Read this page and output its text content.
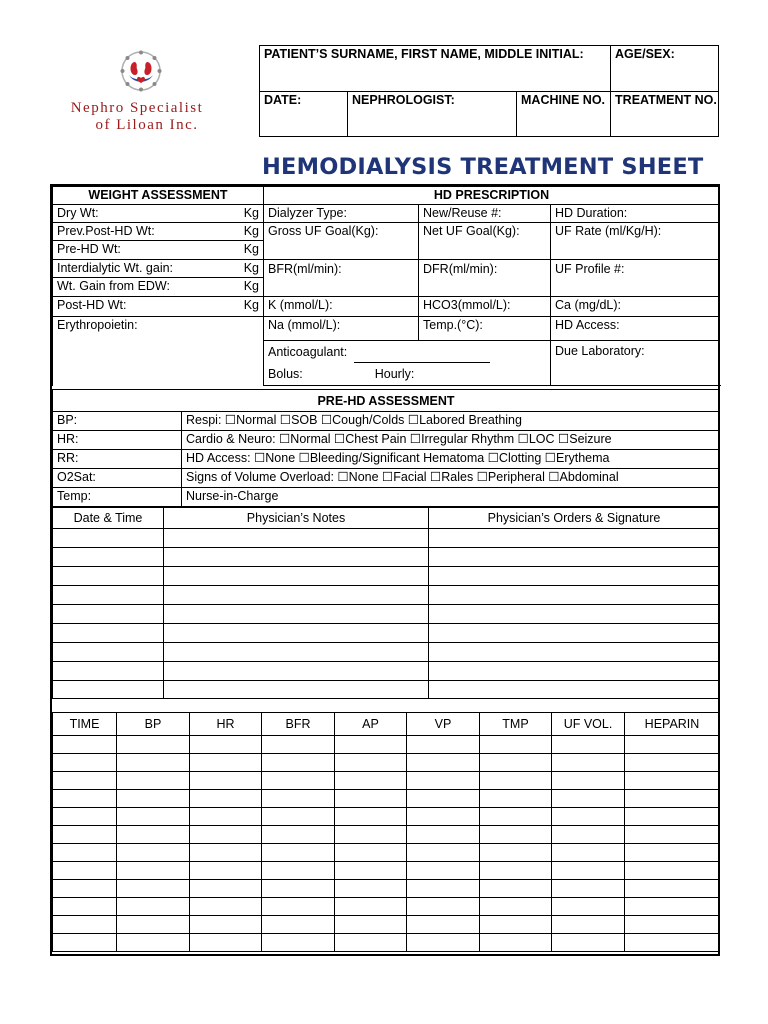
Nephro Specialist
of Liloan Inc.
PATIENT’S SURNAME, FIRST NAME, MIDDLE INITIAL:			AGE/SEX:
DATE:	NEPHROLOGIST:	MACHINE NO.	TREATMENT NO.
HEMODIALYSIS TREATMENT SHEET
WEIGHT ASSESSMENT	HD PRESCRIPTION		
Dry Wt: Kg	Dialyzer Type:	New/Reuse #:	HD Duration:
Prev.Post-HD Wt: Kg	Gross UF Goal(Kg):	Net UF Goal(Kg):	UF Rate (ml/Kg/H):
Pre-HD Wt: Kg			

Interdialytic Wt. gain: Kg	BFR(ml/min):	DFR(ml/min):	UF Profile #:
Wt. Gain from EDW: Kg			

Post-HD Wt: Kg	K (mmol/L):	HCO3(mmol/L):	Ca (mg/dL):
Erythropoietin:	Na (mmol/L):	Temp.(°C):	HD Access:
	Anticoagulant:
Bolus: Hourly:		Due Laboratory:
PRE-HD ASSESSMENT	
BP:	Respi: ☐Normal ☐SOB ☐Cough/Colds ☐Labored Breathing
HR:	Cardio & Neuro: ☐Normal ☐Chest Pain ☐Irregular Rhythm ☐LOC ☐Seizure
RR:	HD Access: ☐None ☐Bleeding/Significant Hematoma ☐Clotting ☐Erythema
O2Sat:	Signs of Volume Overload: ☐None ☐Facial ☐Rales ☐Peripheral ☐Abdominal
Temp:	Nurse-in-Charge
Date & Time	Physician’s Notes	Physician’s Orders & Signature

TIME	BP	HR	BFR	AP	VP	TMP	UF VOL.	HEPARIN
